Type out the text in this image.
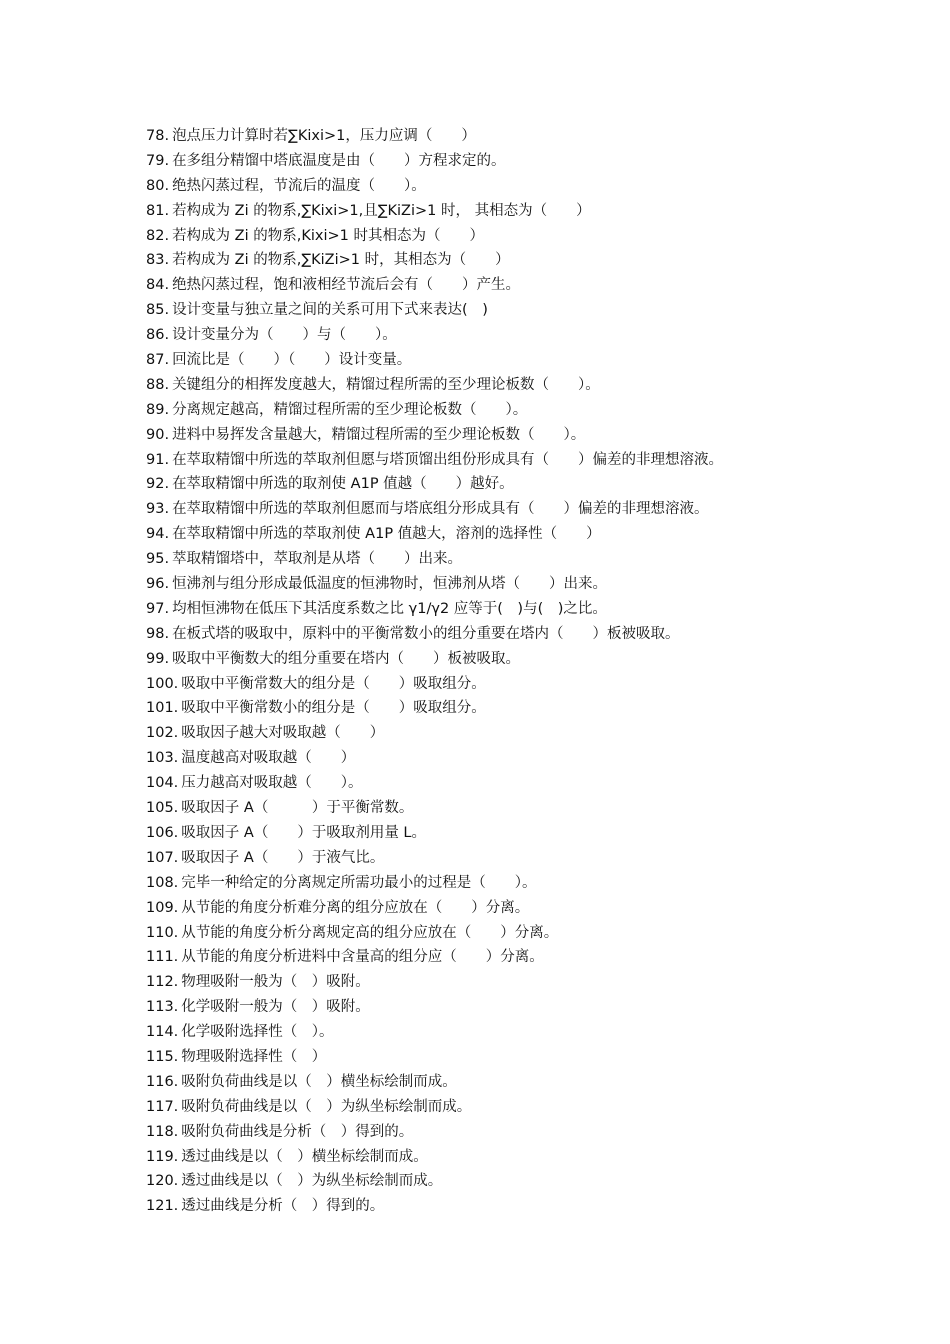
78. 泡点压力计算时若∑Kixi>1，压力应调（　　）
79. 在多组分精馏中塔底温度是由（　　）方程求定的。
80. 绝热闪蒸过程，节流后的温度（　　）。
81. 若构成为 Zi 的物系,∑Kixi>1,且∑KiZi>1 时， 其相态为（　　）
82. 若构成为 Zi 的物系,Kixi>1 时其相态为（　　）
83. 若构成为 Zi 的物系,∑KiZi>1 时，其相态为（　　）
84. 绝热闪蒸过程，饱和液相经节流后会有（　　）产生。
85. 设计变量与独立量之间的关系可用下式来表达(　)
86. 设计变量分为（　　）与（　　）。
87. 回流比是（　　）（　　）设计变量。
88. 关键组分的相挥发度越大，精馏过程所需的至少理论板数（　　）。
89. 分离规定越高，精馏过程所需的至少理论板数（　　）。
90. 进料中易挥发含量越大，精馏过程所需的至少理论板数（　　）。
91. 在萃取精馏中所选的萃取剂但愿与塔顶馏出组份形成具有（　　）偏差的非理想溶液。
92. 在萃取精馏中所选的取剂使 A1P 值越（　　）越好。
93. 在萃取精馏中所选的萃取剂但愿而与塔底组分形成具有（　　）偏差的非理想溶液。
94. 在萃取精馏中所选的萃取剂使 A1P 值越大，溶剂的选择性（　　）
95. 萃取精馏塔中，萃取剂是从塔（　　）出来。
96. 恒沸剂与组分形成最低温度的恒沸物时，恒沸剂从塔（　　）出来。
97. 均相恒沸物在低压下其活度系数之比 γ1/γ2 应等于(　)与(　)之比。
98. 在板式塔的吸取中，原料中的平衡常数小的组分重要在塔内（　　）板被吸取。
99. 吸取中平衡数大的组分重要在塔内（　　）板被吸取。
100. 吸取中平衡常数大的组分是（　　）吸取组分。
101. 吸取中平衡常数小的组分是（　　）吸取组分。
102. 吸取因子越大对吸取越（　　）
103. 温度越高对吸取越（　　）
104. 压力越高对吸取越（　　）。
105. 吸取因子 A（　　　）于平衡常数。
106. 吸取因子 A（　　）于吸取剂用量 L。
107. 吸取因子 A（　　）于液气比。
108. 完毕一种给定的分离规定所需功最小的过程是（　　）。
109. 从节能的角度分析难分离的组分应放在（　　）分离。
110. 从节能的角度分析分离规定高的组分应放在（　　）分离。
111. 从节能的角度分析进料中含量高的组分应（　　）分离。
112. 物理吸附一般为（　）吸附。
113. 化学吸附一般为（　）吸附。
114. 化学吸附选择性（　）。
115. 物理吸附选择性（　）
116. 吸附负荷曲线是以（　）横坐标绘制而成。
117. 吸附负荷曲线是以（　）为纵坐标绘制而成。
118. 吸附负荷曲线是分析（　）得到的。
119. 透过曲线是以（　）横坐标绘制而成。
120. 透过曲线是以（　）为纵坐标绘制而成。
121. 透过曲线是分析（　）得到的。
